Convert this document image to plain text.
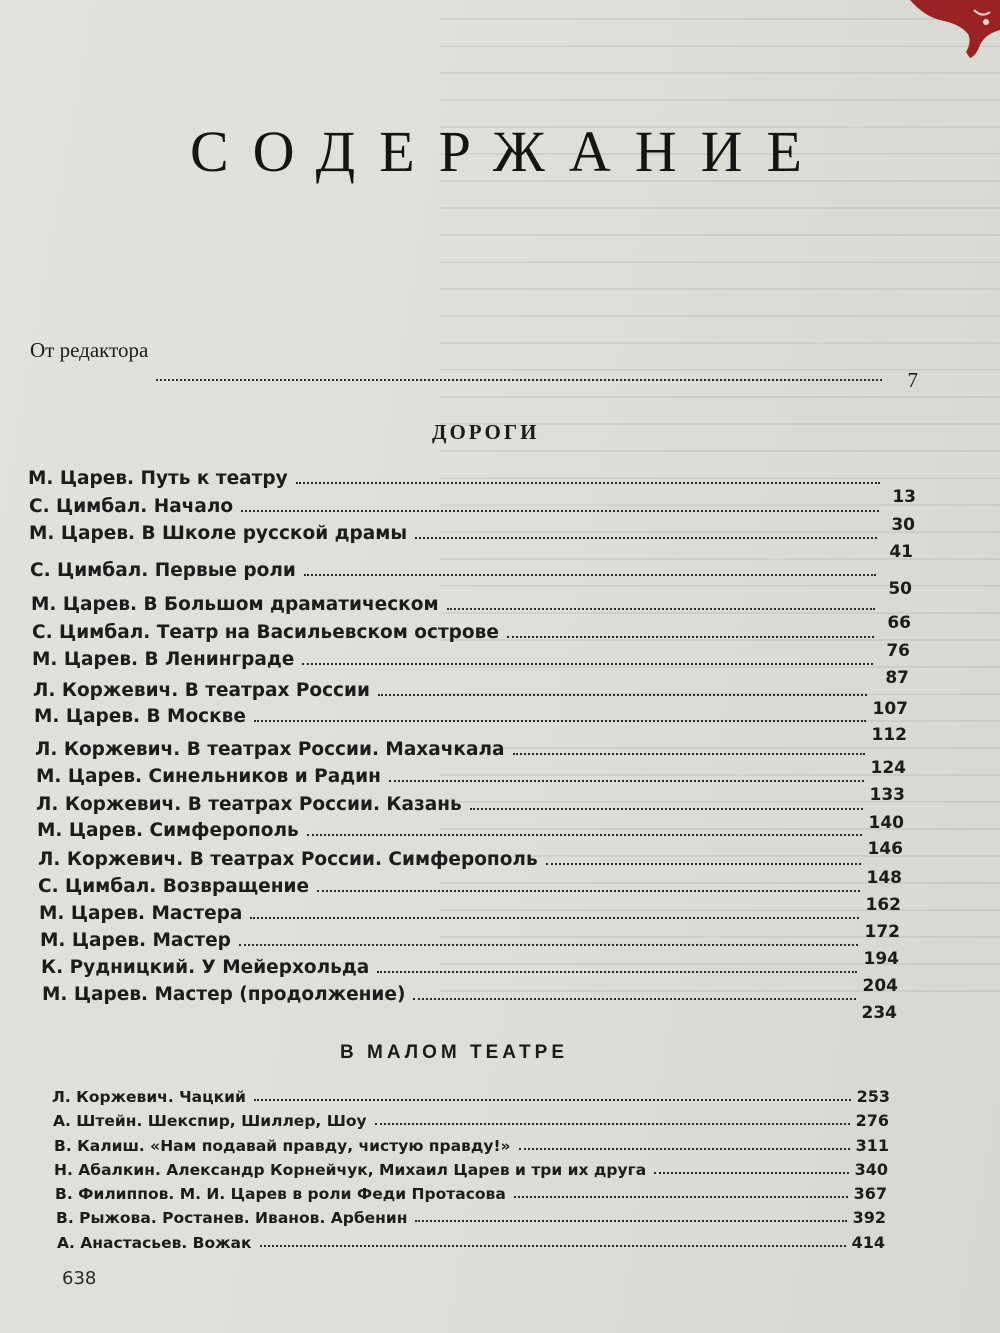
СОДЕРЖАНИЕ
От редактора
7
ДОРОГИ
М. Царев. Путь к театру
13
С. Цимбал. Начало
30
М. Царев. В Школе русской драмы
41
С. Цимбал. Первые роли
50
М. Царев. В Большом драматическом
66
С. Цимбал. Театр на Васильевском острове
76
М. Царев. В Ленинграде
87
Л. Коржевич. В театрах России
107
М. Царев. В Москве
112
Л. Коржевич. В театрах России. Махачкала
124
М. Царев. Синельников и Радин
133
Л. Коржевич. В театрах России. Казань
140
М. Царев. Симферополь
146
Л. Коржевич. В театрах России. Симферополь
148
С. Цимбал. Возвращение
162
М. Царев. Мастера
172
М. Царев. Мастер
194
К. Рудницкий. У Мейерхольда
204
М. Царев. Мастер (продолжение)
234
В МАЛОМ ТЕАТРЕ
Л. Коржевич. Чацкий	253
А. Штейн. Шекспир, Шиллер, Шоу	276
В. Калиш. «Нам подавай правду, чистую правду!»	311
Н. Абалкин. Александр Корнейчук, Михаил Царев и три их друга	340
В. Филиппов. М. И. Царев в роли Феди Протасова	367
В. Рыжова. Ростанев. Иванов. Арбенин	392
А. Анастасьев. Вожак	414
638
